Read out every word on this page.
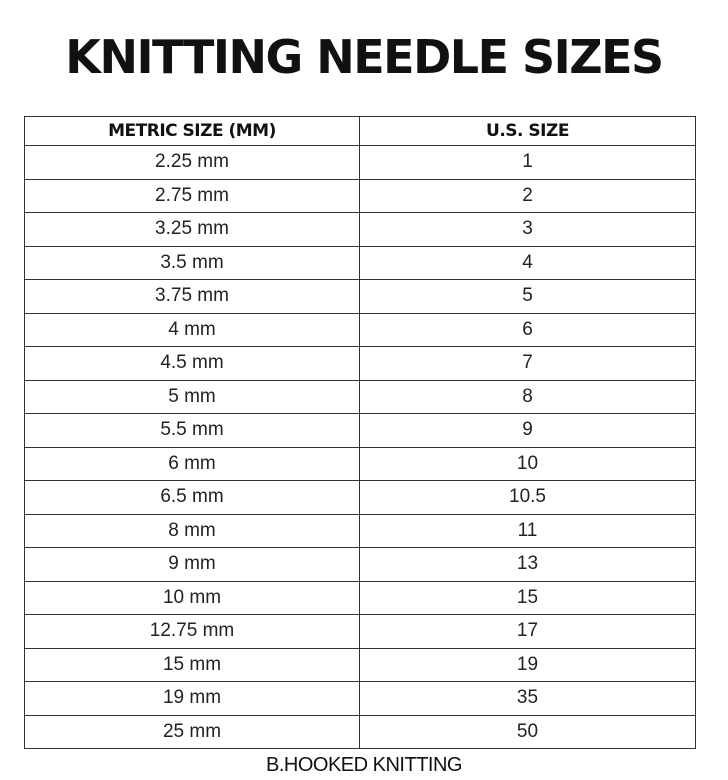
KNITTING NEEDLE SIZES
METRIC SIZE (MM)	U.S. SIZE
2.25 mm	1
2.75 mm	2
3.25 mm	3
3.5 mm	4
3.75 mm	5
4 mm	6
4.5 mm	7
5 mm	8
5.5 mm	9
6 mm	10
6.5 mm	10.5
8 mm	11
9 mm	13
10 mm	15
12.75 mm	17
15 mm	19
19 mm	35
25 mm	50
B.HOOKED KNITTING
